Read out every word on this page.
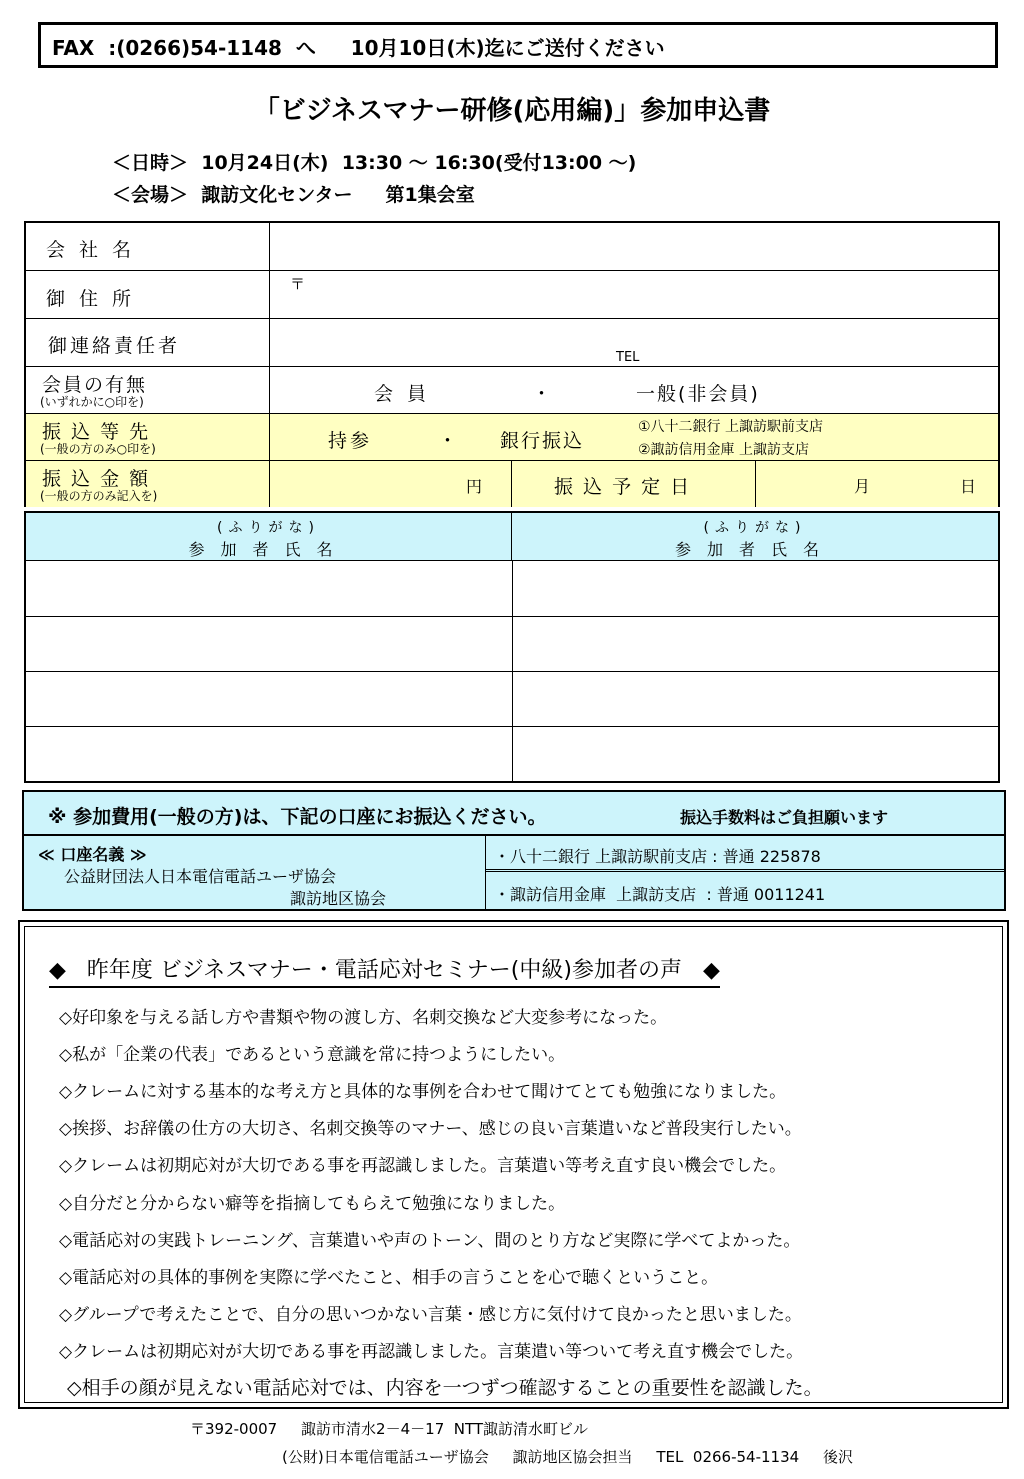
FAX  :(0266)54-1148  へ     10月10日(木)迄にご送付ください
「ビジネスマナー研修(応用編)」参加申込書
＜日時＞  10月24日(木)  13:30 ～ 16:30(受付13:00 ～)
＜会場＞  諏訪文化センター     第1集会室
会社名
御住所
〒
御連絡責任者
TEL
会員の有無
(いずれかに○印を)	会 員	・	一般(非会員)
振 込 等 先
(一般の方のみ○印を)	持参	・ 銀行振込
①八十二銀行 上諏訪駅前支店
②諏訪信用金庫 上諏訪支店
振 込 金 額
(一般の方のみ記入を)	円	振 込 予 定 日	月	日
(ふりがな)
参加者氏名
(ふりがな)
参加者氏名
※ 参加費用(一般の方)は、下記の口座にお振込ください。	振込手数料はご負担願います
≪ 口座名義 ≫
公益財団法人日本電信電話ユーザ協会
諏訪地区協会
・八十二銀行 上諏訪駅前支店 : 普通 225878
・諏訪信用金庫  上諏訪支店  : 普通 0011241
◆   昨年度 ビジネスマナー・電話応対セミナー(中級)参加者の声   ◆
◇好印象を与える話し方や書類や物の渡し方、名刺交換など大変参考になった。
◇私が「企業の代表」であるという意識を常に持つようにしたい。
◇クレームに対する基本的な考え方と具体的な事例を合わせて聞けてとても勉強になりました。
◇挨拶、お辞儀の仕方の大切さ、名刺交換等のマナー、感じの良い言葉遣いなど普段実行したい。
◇クレームは初期応対が大切である事を再認識しました。言葉遣い等考え直す良い機会でした。
◇自分だと分からない癖等を指摘してもらえて勉強になりました。
◇電話応対の実践トレーニング、言葉遣いや声のトーン、間のとり方など実際に学べてよかった。
◇電話応対の具体的事例を実際に学べたこと、相手の言うことを心で聴くということ。
◇グループで考えたことで、自分の思いつかない言葉・感じ方に気付けて良かったと思いました。
◇クレームは初期応対が大切である事を再認識しました。言葉遣い等ついて考え直す機会でした。
◇相手の顔が見えない電話応対では、内容を一つずつ確認することの重要性を認識した。
〒392-0007     諏訪市清水2－4－17  NTT諏訪清水町ビル
(公財)日本電信電話ユーザ協会     諏訪地区協会担当     TEL  0266-54-1134     後沢
